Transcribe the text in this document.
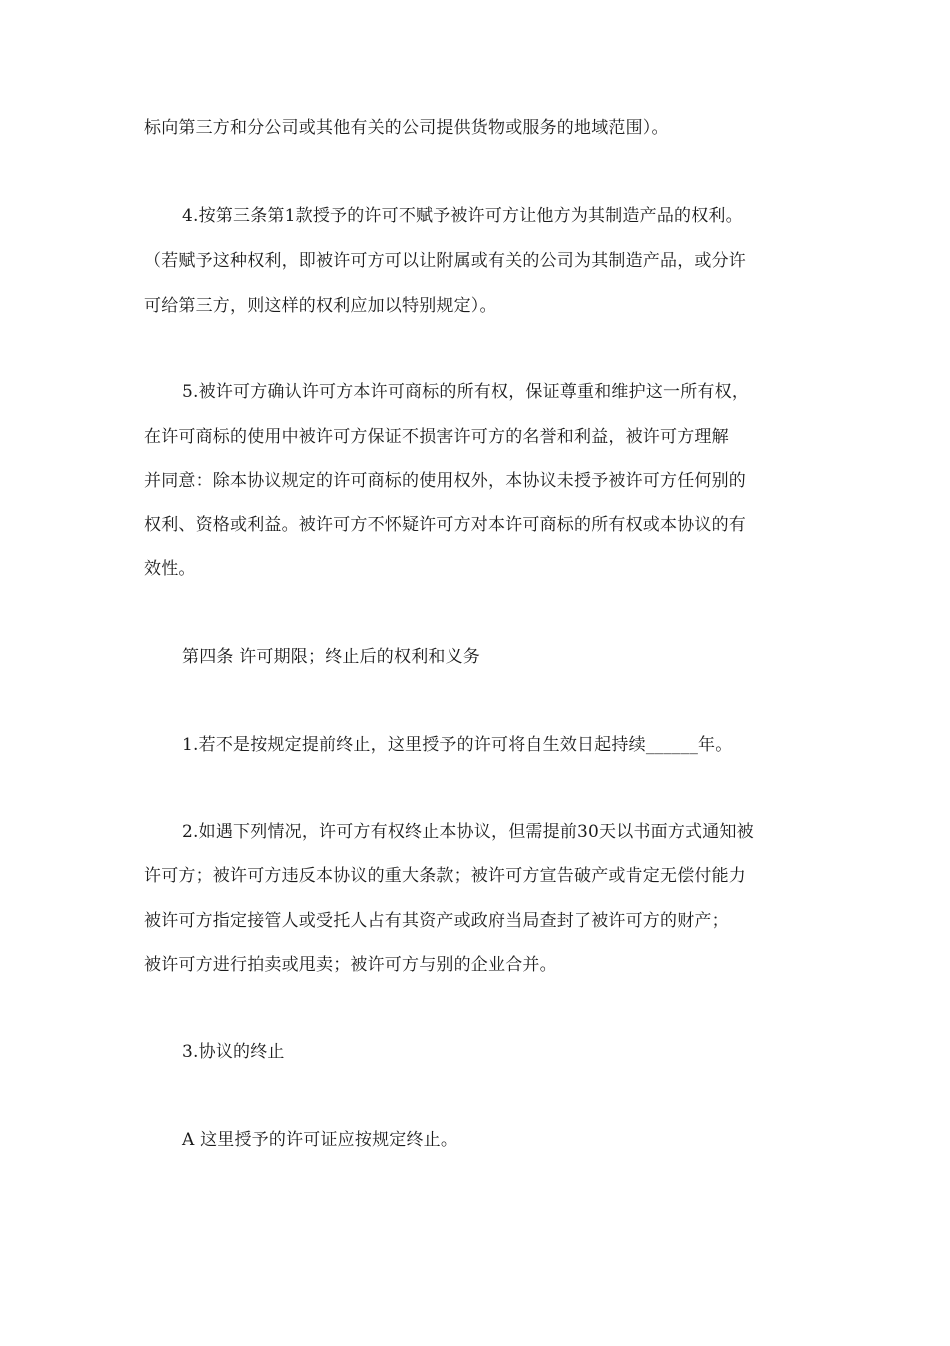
标向第三方和分公司或其他有关的公司提供货物或服务的地域范围）。
4.按第三条第1款授予的许可不赋予被许可方让他方为其制造产品的权利。
（若赋予这种权利，即被许可方可以让附属或有关的公司为其制造产品，或分许
可给第三方，则这样的权利应加以特别规定）。
5.被许可方确认许可方本许可商标的所有权，保证尊重和维护这一所有权，
在许可商标的使用中被许可方保证不损害许可方的名誉和利益，被许可方理解
并同意：除本协议规定的许可商标的使用权外，本协议未授予被许可方任何别的
权利、资格或利益。被许可方不怀疑许可方对本许可商标的所有权或本协议的有
效性。
第四条 许可期限；终止后的权利和义务
1.若不是按规定提前终止，这里授予的许可将自生效日起持续______年。
2.如遇下列情况，许可方有权终止本协议，但需提前30天以书面方式通知被
许可方；被许可方违反本协议的重大条款；被许可方宣告破产或肯定无偿付能力
被许可方指定接管人或受托人占有其资产或政府当局查封了被许可方的财产；
被许可方进行拍卖或甩卖；被许可方与别的企业合并。
3.协议的终止
A 这里授予的许可证应按规定终止。
